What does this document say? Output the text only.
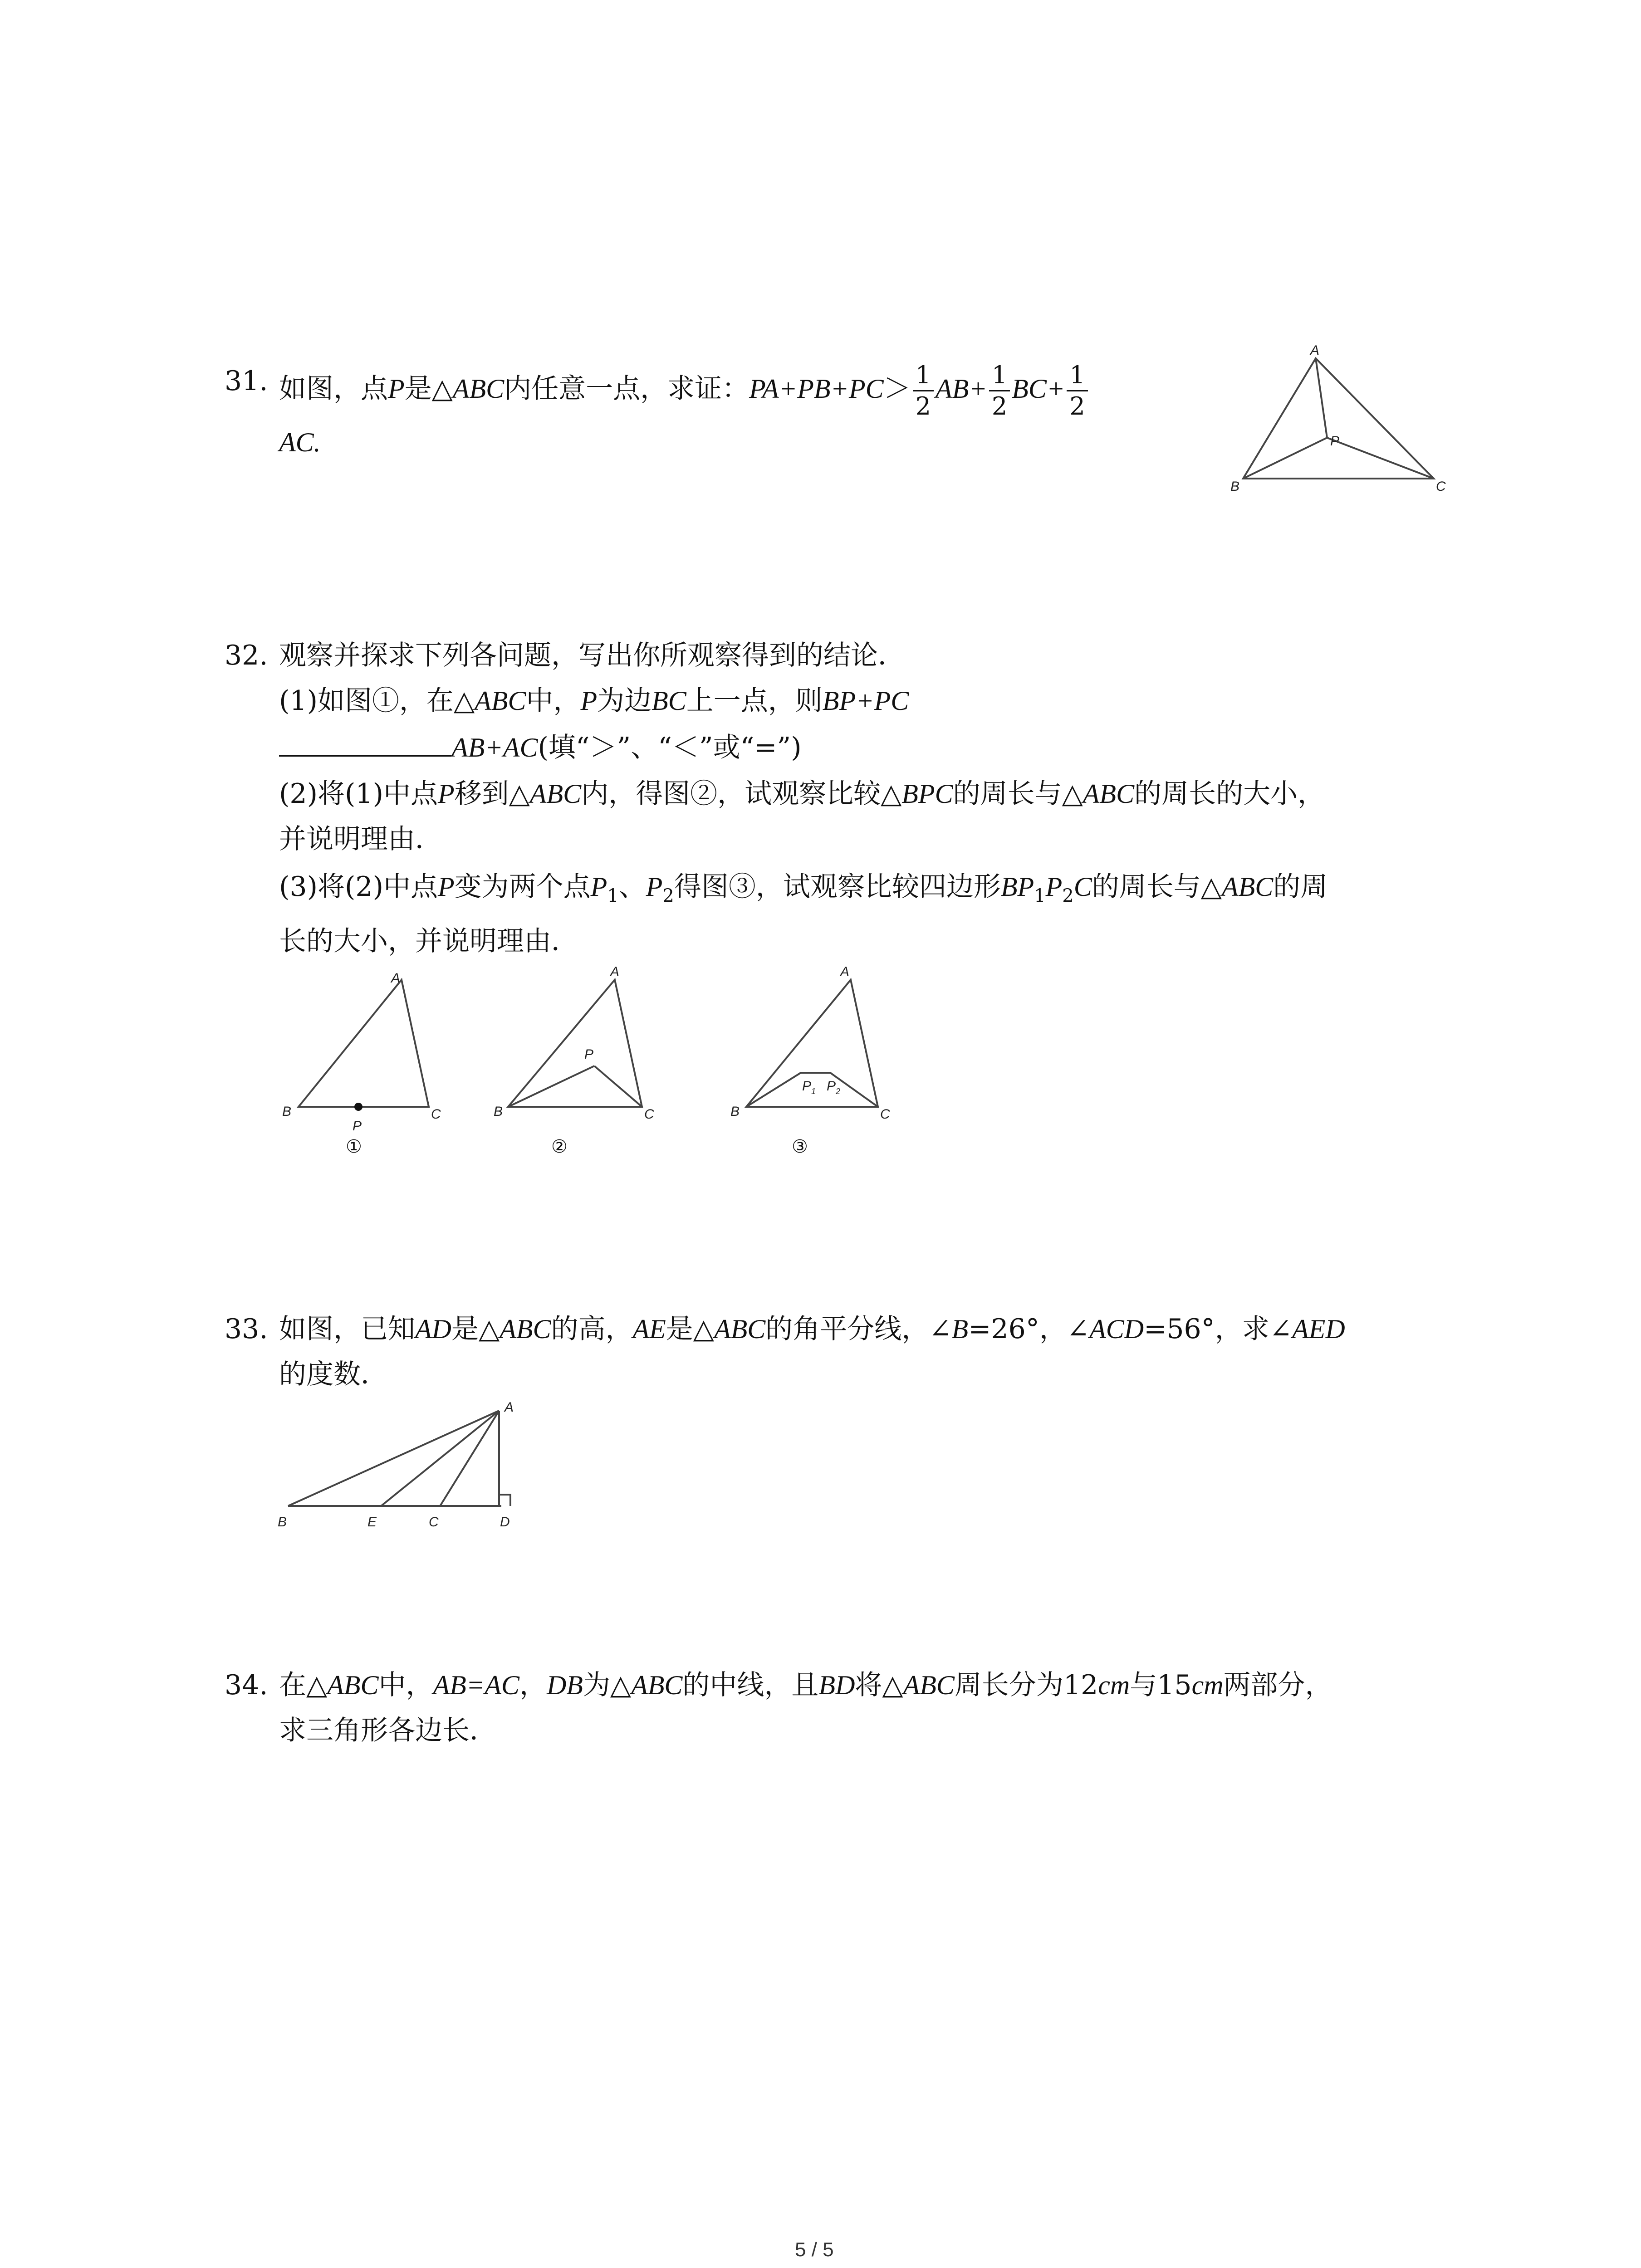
31. 如图，点P是△ABC内任意一点，求证：$PA+PB+PC> \frac{1}{2} AB+ \frac{1}{2} BC+ \frac{1}{2}$
AC.
A
B	C
P
32. 观察并探求下列各问题，写出你所观察得到的结论．
(1)如图①，在△ABC中，P为边BC上一点，则BP+PC
AB+AC(填“＞”、“＜”或“=”)
(2)将(1)中点P移到△ABC内，得图②，试观察比较△BPC的周长与△ABC的周长的大小，
并说明理由．
(3)将(2)中点P变为两个点$P_1$、$P_2$得图③，试观察比较四边形$BP_1P_2C$的周长与△ABC的周
长的大小，并说明理由．
A
B	C
P
①
A
B	C
P
②
A
B	C
P 1 P 2
③
33. 如图，已知AD是△ABC的高，AE是△ABC的角平分线，∠B=26°，∠ACD=56°，求∠AED
的度数．
A
B	E	C	D
34. 在△ABC中，AB=AC，DB为△ABC的中线，且BD将△ABC周长分为12cm与15cm两部分，
求三角形各边长．
5 / 5
